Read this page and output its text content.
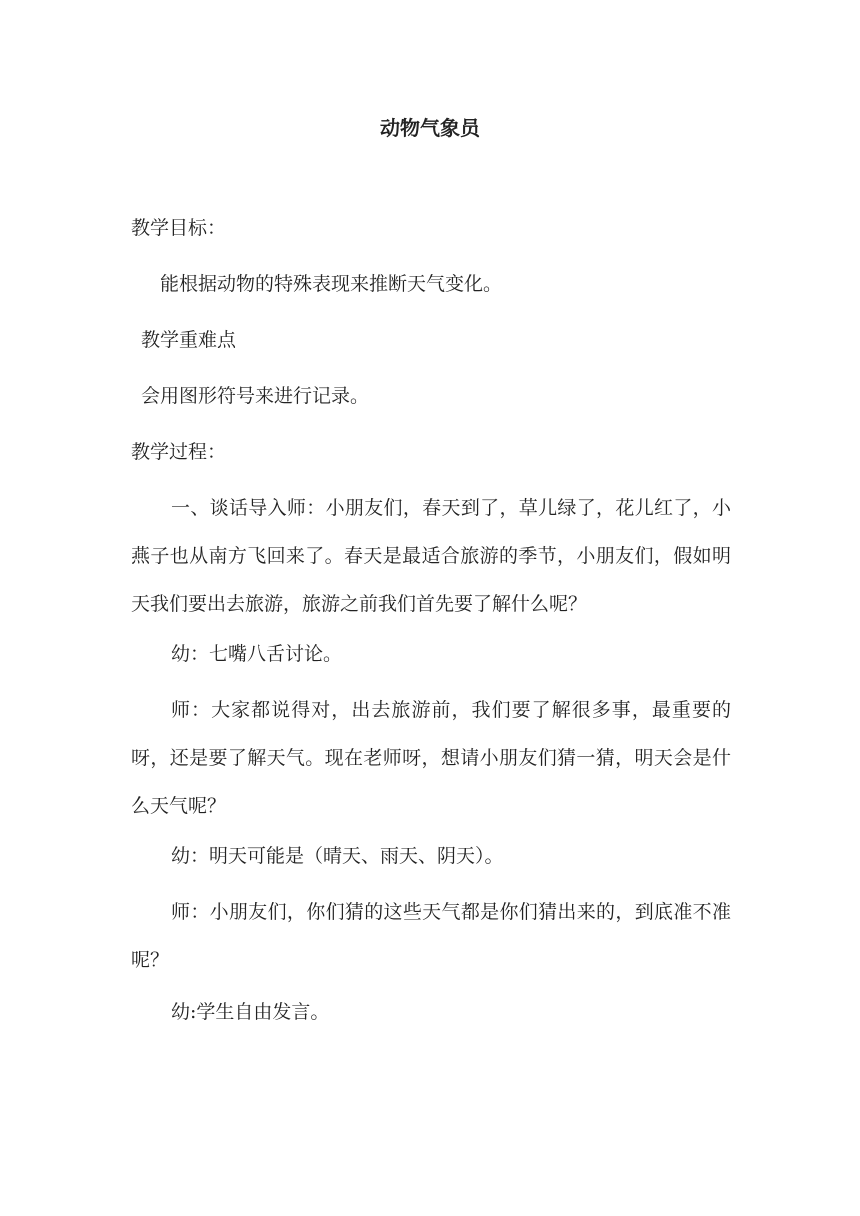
动物气象员
教学目标：
能根据动物的特殊表现来推断天气变化。
教学重难点
会用图形符号来进行记录。
教学过程：
一、谈话导入师：小朋友们，春天到了，草儿绿了，花儿红了，小燕子也从南方飞回来了。春天是最适合旅游的季节，小朋友们，假如明天我们要出去旅游，旅游之前我们首先要了解什么呢？
幼：七嘴八舌讨论。
师：大家都说得对，出去旅游前，我们要了解很多事，最重要的呀，还是要了解天气。现在老师呀，想请小朋友们猜一猜，明天会是什么天气呢？
幼：明天可能是（晴天、雨天、阴天）。
师：小朋友们，你们猜的这些天气都是你们猜出来的，到底准不准呢？
幼:学生自由发言。
